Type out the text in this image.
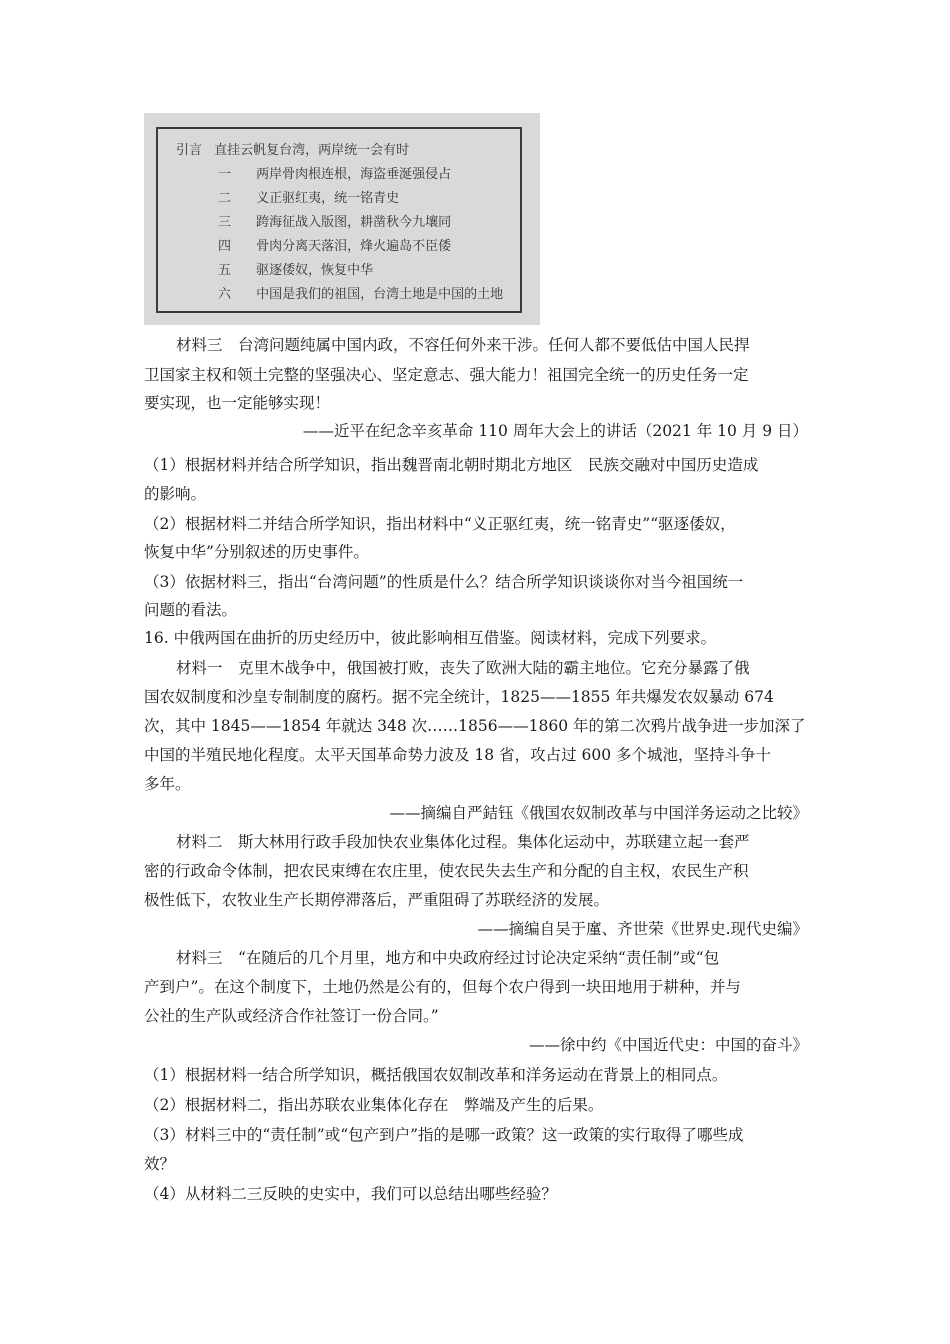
引言 直挂云帆复台湾，两岸统一会有时
一 两岸骨肉根连根，海盗垂涎强侵占
二 义正驱红夷，统一铭青史
三 跨海征战入版图，耕凿秋今九壤同
四 骨肉分离天落泪，烽火遍岛不臣倭
五 驱逐倭奴，恢复中华
六 中国是我们的祖国，台湾土地是中国的土地
材料三　台湾问题纯属中国内政，不容任何外来干涉。任何人都不要低估中国人民捍
卫国家主权和领土完整的坚强决心、坚定意志、强大能力！祖国完全统一的历史任务一定
要实现，也一定能够实现！
——近平在纪念辛亥革命 110 周年大会上的讲话（2021 年 10 月 9 日）
（1）根据材料并结合所学知识，指出魏晋南北朝时期北方地区　民族交融对中国历史造成
的影响。
（2）根据材料二并结合所学知识，指出材料中“义正驱红夷，统一铭青史”“驱逐倭奴，
恢复中华”分别叙述的历史事件。
（3）依据材料三，指出“台湾问题”的性质是什么？结合所学知识谈谈你对当今祖国统一
问题的看法。
16. 中俄两国在曲折的历史经历中，彼此影响相互借鉴。阅读材料，完成下列要求。
材料一　克里木战争中，俄国被打败，丧失了欧洲大陆的霸主地位。它充分暴露了俄
国农奴制度和沙皇专制制度的腐朽。据不完全统计，1825——1855 年共爆发农奴暴动 674
次，其中 1845——1854 年就达 348 次……1856——1860 年的第二次鸦片战争进一步加深了
中国的半殖民地化程度。太平天国革命势力波及 18 省，攻占过 600 多个城池，坚持斗争十
多年。
——摘编自严銡钰《俄国农奴制改革与中国洋务运动之比较》
材料二　斯大林用行政手段加快农业集体化过程。集体化运动中，苏联建立起一套严
密的行政命令体制，把农民束缚在农庄里，使农民失去生产和分配的自主权，农民生产积
极性低下，农牧业生产长期停滞落后，严重阻碍了苏联经济的发展。
——摘编自吴于廑、齐世荣《世界史.现代史编》
材料三　“在随后的几个月里，地方和中央政府经过讨论决定采纳“责任制”或“包
产到户”。在这个制度下，土地仍然是公有的，但每个农户得到一块田地用于耕种，并与
公社的生产队或经济合作社签订一份合同。”
——徐中约《中国近代史：中国的奋斗》
（1）根据材料一结合所学知识，概括俄国农奴制改革和洋务运动在背景上的相同点。
（2）根据材料二，指出苏联农业集体化存在　弊端及产生的后果。
（3）材料三中的“责任制”或“包产到户”指的是哪一政策？这一政策的实行取得了哪些成
效？
（4）从材料二三反映的史实中，我们可以总结出哪些经验？
